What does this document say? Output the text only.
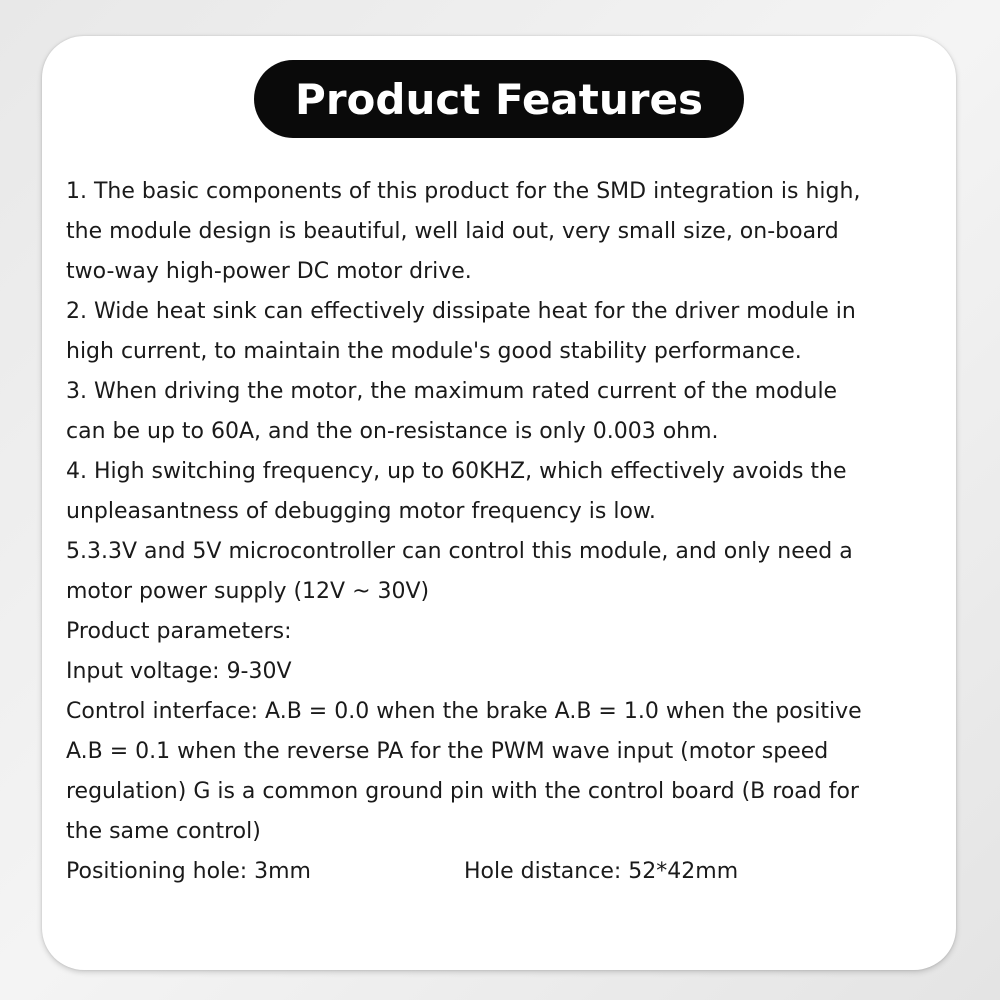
Product Features
1. The basic components of this product for the SMD integration is high,
the module design is beautiful, well laid out, very small size, on-board
two-way high-power DC motor drive.
2. Wide heat sink can effectively dissipate heat for the driver module in
high current, to maintain the module's good stability performance.
3. When driving the motor, the maximum rated current of the module
can be up to 60A, and the on-resistance is only 0.003 ohm.
4. High switching frequency, up to 60KHZ, which effectively avoids the
unpleasantness of debugging motor frequency is low.
5.3.3V and 5V microcontroller can control this module, and only need a
motor power supply (12V ~ 30V)
Product parameters:
Input voltage: 9-30V
Control interface: A.B = 0.0 when the brake A.B = 1.0 when the positive
A.B = 0.1 when the reverse PA for the PWM wave input (motor speed
regulation) G is a common ground pin with the control board (B road for
the same control)
Positioning hole: 3mm	Hole distance: 52*42mm
